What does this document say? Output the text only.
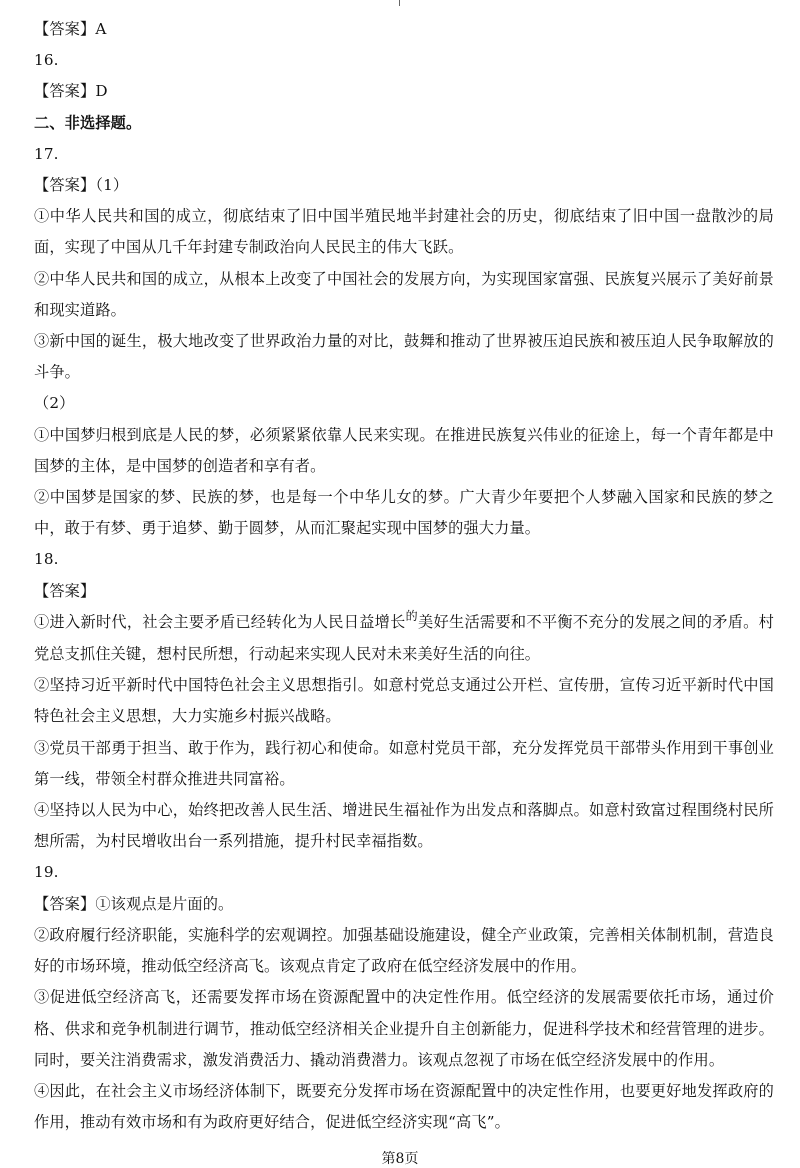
【答案】A
16.
【答案】D
二、非选择题。
17.
【答案】（1）
①中华人民共和国的成立，彻底结束了旧中国半殖民地半封建社会的历史，彻底结束了旧中国一盘散沙的局面，实现了中国从几千年封建专制政治向人民民主的伟大飞跃。
②中华人民共和国的成立，从根本上改变了中国社会的发展方向，为实现国家富强、民族复兴展示了美好前景和现实道路。
③新中国的诞生，极大地改变了世界政治力量的对比，鼓舞和推动了世界被压迫民族和被压迫人民争取解放的斗争。
（2）
①中国梦归根到底是人民的梦，必须紧紧依靠人民来实现。在推进民族复兴伟业的征途上，每一个青年都是中国梦的主体，是中国梦的创造者和享有者。
②中国梦是国家的梦、民族的梦，也是每一个中华儿女的梦。广大青少年要把个人梦融入国家和民族的梦之中，敢于有梦、勇于追梦、勤于圆梦，从而汇聚起实现中国梦的强大力量。
18.
【答案】
①进入新时代，社会主要矛盾已经转化为人民日益增长$^的$美好生活需要和不平衡不充分的发展之间的矛盾。村党总支抓住关键，想村民所想，行动起来实现人民对未来美好生活的向往。
②坚持习近平新时代中国特色社会主义思想指引。如意村党总支通过公开栏、宣传册，宣传习近平新时代中国特色社会主义思想，大力实施乡村振兴战略。
③党员干部勇于担当、敢于作为，践行初心和使命。如意村党员干部，充分发挥党员干部带头作用到干事创业第一线，带领全村群众推进共同富裕。
④坚持以人民为中心，始终把改善人民生活、增进民生福祉作为出发点和落脚点。如意村致富过程围绕村民所想所需，为村民增收出台一系列措施，提升村民幸福指数。
19.
【答案】①该观点是片面的。
②政府履行经济职能，实施科学的宏观调控。加强基础设施建设，健全产业政策，完善相关体制机制，营造良好的市场环境，推动低空经济高飞。该观点肯定了政府在低空经济发展中的作用。
③促进低空经济高飞，还需要发挥市场在资源配置中的决定性作用。低空经济的发展需要依托市场，通过价格、供求和竞争机制进行调节，推动低空经济相关企业提升自主创新能力，促进科学技术和经营管理的进步。同时，要关注消费需求，激发消费活力、撬动消费潜力。该观点忽视了市场在低空经济发展中的作用。
④因此，在社会主义市场经济体制下，既要充分发挥市场在资源配置中的决定性作用，也要更好地发挥政府的作用，推动有效市场和有为政府更好结合，促进低空经济实现“高飞”。
第8页
